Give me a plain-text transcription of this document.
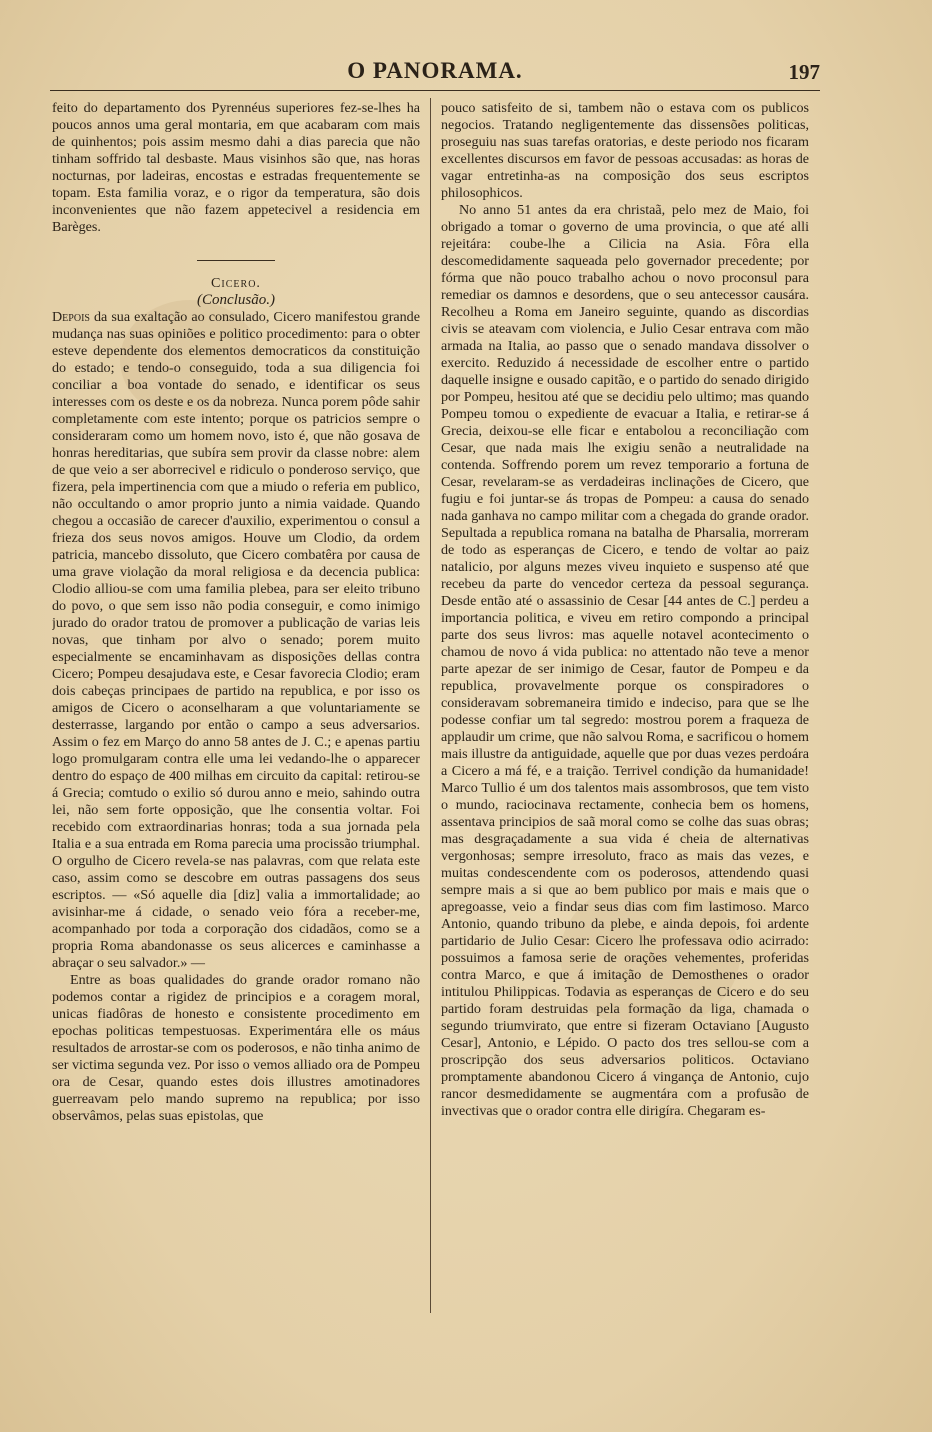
O PANORAMA.	197

feito do departamento dos Pyrennéus superiores fez-se-lhes ha poucos annos uma geral montaria, em que acabaram com mais de quinhentos; pois assim mesmo dahi a dias parecia que não tinham soffrido tal desbaste. Maus visinhos são que, nas horas nocturnas, por ladeiras, encostas e estradas frequentemente se topam. Esta familia voraz, e o rigor da temperatura, são dois inconvenientes que não fazem appetecivel a residencia em Barèges.

Cicero.

(Conclusão.)

Depois da sua exaltação ao consulado, Cicero manifestou grande mudança nas suas opiniões e politico procedimento: para o obter esteve dependente dos elementos democraticos da constituição do estado; e tendo-o conseguido, toda a sua diligencia foi conciliar a boa vontade do senado, e identificar os seus interesses com os deste e os da nobreza. Nunca porem pôde sahir completamente com este intento; porque os patricios sempre o consideraram como um homem novo, isto é, que não gosava de honras hereditarias, que subíra sem provir da classe nobre: alem de que veio a ser aborrecivel e ridiculo o ponderoso serviço, que fizera, pela impertinencia com que a miudo o referia em publico, não occultando o amor proprio junto a nimia vaidade. Quando chegou a occasião de carecer d'auxilio, experimentou o consul a frieza dos seus novos amigos. Houve um Clodio, da ordem patricia, mancebo dissoluto, que Cicero combatêra por causa de uma grave violação da moral religiosa e da decencia publica: Clodio alliou-se com uma familia plebea, para ser eleito tribuno do povo, o que sem isso não podia conseguir, e como inimigo jurado do orador tratou de promover a publicação de varias leis novas, que tinham por alvo o senado; porem muito especialmente se encaminhavam as disposições dellas contra Cicero; Pompeu desajudava este, e Cesar favorecia Clodio; eram dois cabeças principaes de partido na republica, e por isso os amigos de Cicero o aconselharam a que voluntariamente se desterrasse, largando por então o campo a seus adversarios. Assim o fez em Março do anno 58 antes de J. C.; e apenas partiu logo promulgaram contra elle uma lei vedando-lhe o apparecer dentro do espaço de 400 milhas em circuito da capital: retirou-se á Grecia; comtudo o exilio só durou anno e meio, sahindo outra lei, não sem forte opposição, que lhe consentia voltar. Foi recebido com extraordinarias honras; toda a sua jornada pela Italia e a sua entrada em Roma parecia uma procissão triumphal. O orgulho de Cicero revela-se nas palavras, com que relata este caso, assim como se descobre em outras passagens dos seus escriptos. — «Só aquelle dia [diz] valia a immortalidade; ao avisinhar-me á cidade, o senado veio fóra a receber-me, acompanhado por toda a corporação dos cidadãos, como se a propria Roma abandonasse os seus alicerces e caminhasse a abraçar o seu salvador.» —

Entre as boas qualidades do grande orador romano não podemos contar a rigidez de principios e a coragem moral, unicas fiadôras de honesto e consistente procedimento em epochas politicas tempestuosas. Experimentára elle os máus resultados de arrostar-se com os poderosos, e não tinha animo de ser victima segunda vez. Por isso o vemos alliado ora de Pompeu ora de Cesar, quando estes dois illustres amotinadores guerreavam pelo mando supremo na republica; por isso observâmos, pelas suas epistolas, que

pouco satisfeito de si, tambem não o estava com os publicos negocios. Tratando negligentemente das dissensões politicas, proseguiu nas suas tarefas oratorias, e deste periodo nos ficaram excellentes discursos em favor de pessoas accusadas: as horas de vagar entretinha-as na composição dos seus escriptos philosophicos.

No anno 51 antes da era christaã, pelo mez de Maio, foi obrigado a tomar o governo de uma provincia, o que até alli rejeitára: coube-lhe a Cilicia na Asia. Fôra ella descomedidamente saqueada pelo governador precedente; por fórma que não pouco trabalho achou o novo proconsul para remediar os damnos e desordens, que o seu antecessor causára. Recolheu a Roma em Janeiro seguinte, quando as discordias civis se ateavam com violencia, e Julio Cesar entrava com mão armada na Italia, ao passo que o senado mandava dissolver o exercito. Reduzido á necessidade de escolher entre o partido daquelle insigne e ousado capitão, e o partido do senado dirigido por Pompeu, hesitou até que se decidiu pelo ultimo; mas quando Pompeu tomou o expediente de evacuar a Italia, e retirar-se á Grecia, deixou-se elle ficar e entabolou a reconciliação com Cesar, que nada mais lhe exigiu senão a neutralidade na contenda. Soffrendo porem um revez temporario a fortuna de Cesar, revelaram-se as verdadeiras inclinações de Cicero, que fugiu e foi juntar-se ás tropas de Pompeu: a causa do senado nada ganhava no campo militar com a chegada do grande orador. Sepultada a republica romana na batalha de Pharsalia, morreram de todo as esperanças de Cicero, e tendo de voltar ao paiz natalicio, por alguns mezes viveu inquieto e suspenso até que recebeu da parte do vencedor certeza da pessoal segurança. Desde então até o assassinio de Cesar [44 antes de C.] perdeu a importancia politica, e viveu em retiro compondo a principal parte dos seus livros: mas aquelle notavel acontecimento o chamou de novo á vida publica: no attentado não teve a menor parte apezar de ser inimigo de Cesar, fautor de Pompeu e da republica, provavelmente porque os conspiradores o consideravam sobremaneira timido e indeciso, para que se lhe podesse confiar um tal segredo: mostrou porem a fraqueza de applaudir um crime, que não salvou Roma, e sacrificou o homem mais illustre da antiguidade, aquelle que por duas vezes perdoára a Cicero a má fé, e a traição. Terrivel condição da humanidade! Marco Tullio é um dos talentos mais assombrosos, que tem visto o mundo, raciocinava rectamente, conhecia bem os homens, assentava principios de saã moral como se colhe das suas obras; mas desgraçadamente a sua vida é cheia de alternativas vergonhosas; sempre irresoluto, fraco as mais das vezes, e muitas condescendente com os poderosos, attendendo quasi sempre mais a si que ao bem publico por mais e mais que o apregoasse, veio a findar seus dias com fim lastimoso. Marco Antonio, quando tribuno da plebe, e ainda depois, foi ardente partidario de Julio Cesar: Cicero lhe professava odio acirrado: possuimos a famosa serie de orações vehementes, proferidas contra Marco, e que á imitação de Demosthenes o orador intitulou Philippicas. Todavia as esperanças de Cicero e do seu partido foram destruidas pela formação da liga, chamada o segundo triumvirato, que entre si fizeram Octaviano [Augusto Cesar], Antonio, e Lépido. O pacto dos tres sellou-se com a proscripção dos seus adversarios politicos. Octaviano promptamente abandonou Cicero á vingança de Antonio, cujo rancor desmedidamente se augmentára com a profusão de invectivas que o orador contra elle dirigíra. Chegaram es-
